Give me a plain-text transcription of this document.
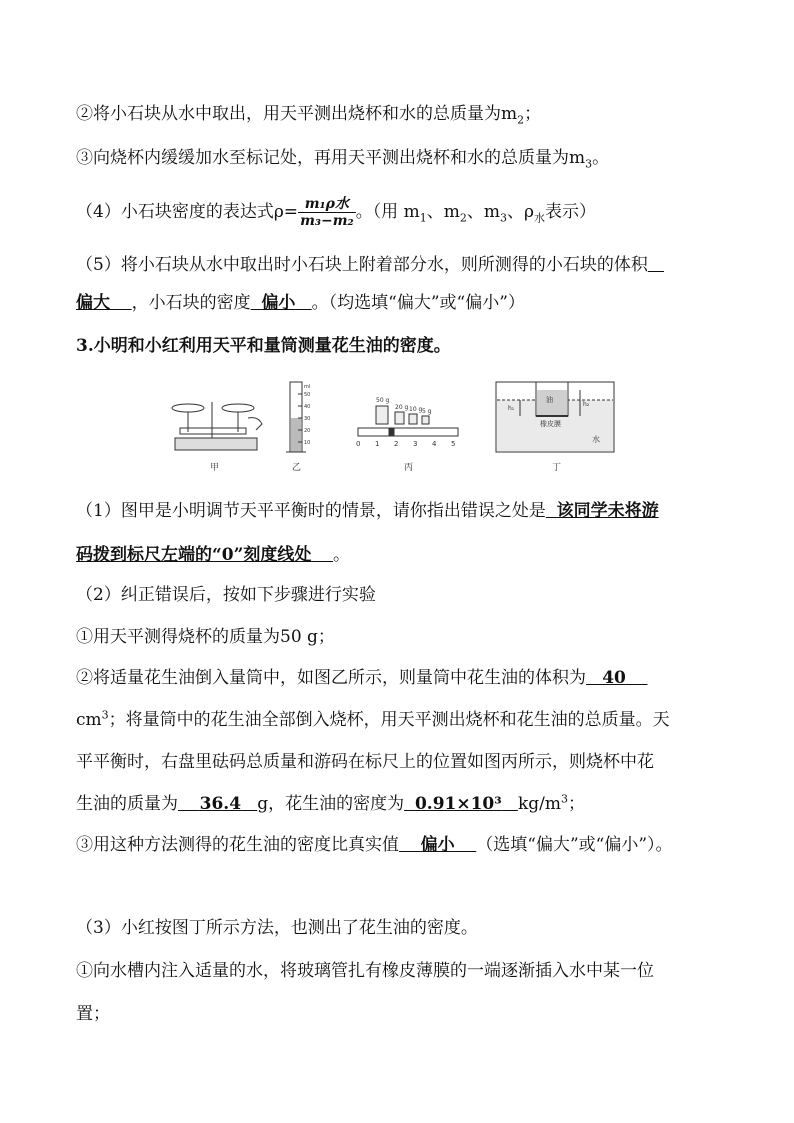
②将小石块从水中取出，用天平测出烧杯和水的总质量为$m_2$；
③向烧杯内缓缓加水至标记处，再用天平测出烧杯和水的总质量为$m_3$。
（4）小石块密度的表达式$\rho= \frac{\text{m₁ρ水}}{\text{m₃−m₂}}$ 。（用 $m_1$、$m_2$、$m_3$、$\rho_水$表示）
（5）将小石块从水中取出时小石块上附着部分水，则所测得的小石块的体积
偏大 ，小石块的密度 偏小 。（均选填“偏大”或“偏小”）
3.小明和小红利用天平和量筒测量花生油的密度。
甲
ml
50
40
30
20
10
乙
50 g
20 g 10 g 5 g
0 1 2 3 4 5
丙
油
橡皮膜
水
h₁
h₂
丁
（1）图甲是小明调节天平平衡时的情景，请你指出错误之处是 该同学未将游
码拨到标尺左端的“0”刻度线处 。
（2）纠正错误后，按如下步骤进行实验
①用天平测得烧杯的质量为50 g；
②将适量花生油倒入量筒中，如图乙所示，则量筒中花生油的体积为 40
$cm^3$；将量筒中的花生油全部倒入烧杯，用天平测出烧杯和花生油的总质量。天
平平衡时，右盘里砝码总质量和游码在标尺上的位置如图丙所示，则烧杯中花
生油的质量为 36.4 g，花生油的密度为 0.91×10³ $kg/m^3$；
③用这种方法测得的花生油的密度比真实值 偏小 （选填“偏大”或“偏小”）。
（3）小红按图丁所示方法，也测出了花生油的密度。
①向水槽内注入适量的水，将玻璃管扎有橡皮薄膜的一端逐渐插入水中某一位
置；
